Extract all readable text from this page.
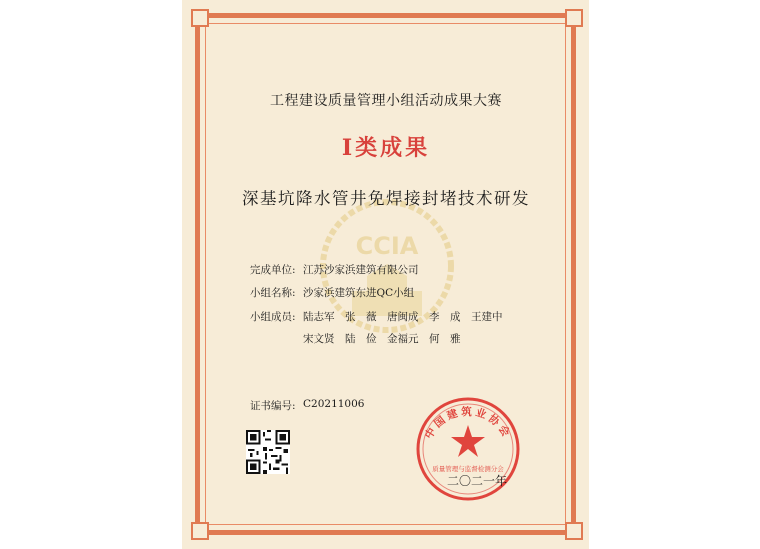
CCIA
工程建设质量管理小组活动成果大赛
Ⅰ类成果
深基坑降水管井免焊接封堵技术研发
完成单位: 江苏沙家浜建筑有限公司
小组名称: 沙家浜建筑东进QC小组
小组成员: 陆志军　张　薇　唐闽成　李　成　王建中
宋文贤　陆　俭　金福元　何　雅
证书编号: C20211006
中国建筑业协会
质量管理与监督检测分会
二〇二一年
